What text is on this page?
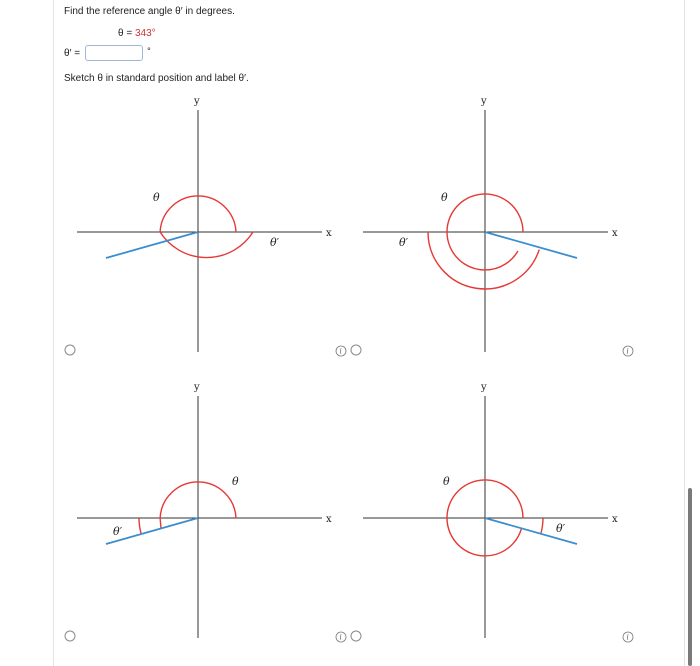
Find the reference angle θ′ in degrees.
θ = 343°
θ′ =	°
Sketch θ in standard position and label θ′.
x
y
θ
θ′
i
x
y
θ
θ′
i
x
y
θ
θ′
i
x
y
θ
θ′
i
